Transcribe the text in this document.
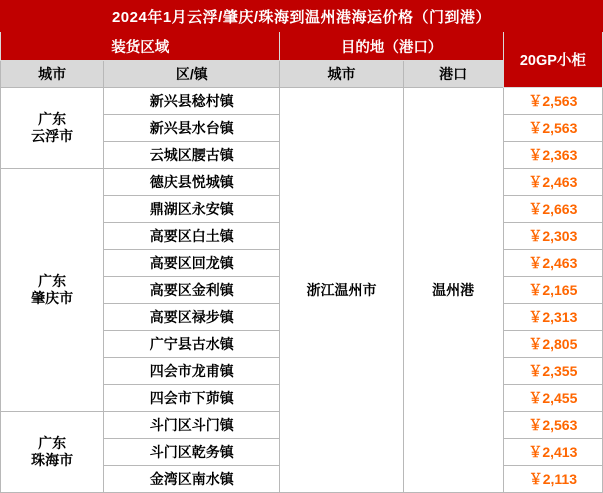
2024年1月云浮/肇庆/珠海到温州港海运价格（门到港）				
装货区域		目的地（港口）		20GP小柜
城市	区/镇	城市	港口	
广东
云浮市	新兴县稔村镇	浙江温州市	温州港	￥2,563
	新兴县水台镇			￥2,563
	云城区腰古镇			￥2,363
广东
肇庆市	德庆县悦城镇			￥2,463
	鼎湖区永安镇			￥2,663
	高要区白土镇			￥2,303
	高要区回龙镇			￥2,463
	高要区金利镇			￥2,165
	高要区禄步镇			￥2,313
	广宁县古水镇			￥2,805
	四会市龙甫镇			￥2,355
	四会市下茆镇			￥2,455
广东
珠海市	斗门区斗门镇			￥2,563
	斗门区乾务镇			￥2,413
	金湾区南水镇			￥2,113
